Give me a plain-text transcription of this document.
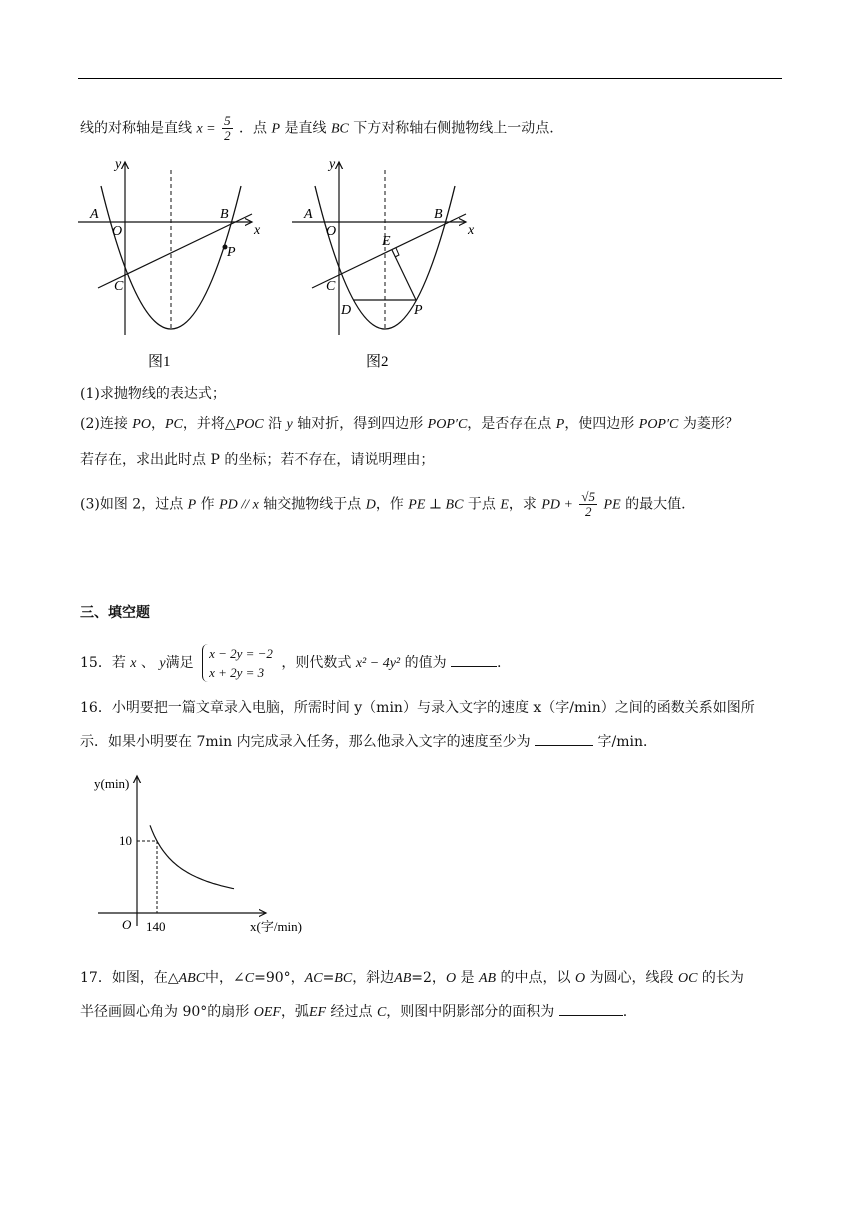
线的对称轴是直线 $x = \frac{5}{2}$ ．点 P 是直线 BC 下方对称轴右侧抛物线上一动点.
A
O
B
C
P
y
x
图1
A
O
B
C
E
D	P
y
x
图2
(1)求抛物线的表达式；
(2)连接 PO，PC，并将△POC 沿 y 轴对折，得到四边形 POP′C，是否存在点 P，使四边形 POP′C 为菱形？
若存在，求出此时点 P 的坐标；若不存在，请说明理由；
(3)如图 2，过点 P 作 PD // x 轴交抛物线于点 D，作 PE ⊥ BC 于点 E，求 PD + $\frac{√5}{2}$ PE 的最大值.
三、填空题
15．若 x 、 y满足
x − 2y = −2
x + 2y = 3
，则代数式 x² − 4y² 的值为	.
16．小明要把一篇文章录入电脑，所需时间 y（min）与录入文字的速度 x（字/min）之间的函数关系如图所
示．如果小明要在 7min 内完成录入任务，那么他录入文字的速度至少为	字/min．
y(min)
x(字/min)
O
10
140
17．如图，在△ABC中，∠C=90°，AC=BC，斜边AB=2，O 是 AB 的中点，以 O 为圆心，线段 OC 的长为
半径画圆心角为 90°的扇形 OEF，弧EF 经过点 C，则图中阴影部分的面积为	.
